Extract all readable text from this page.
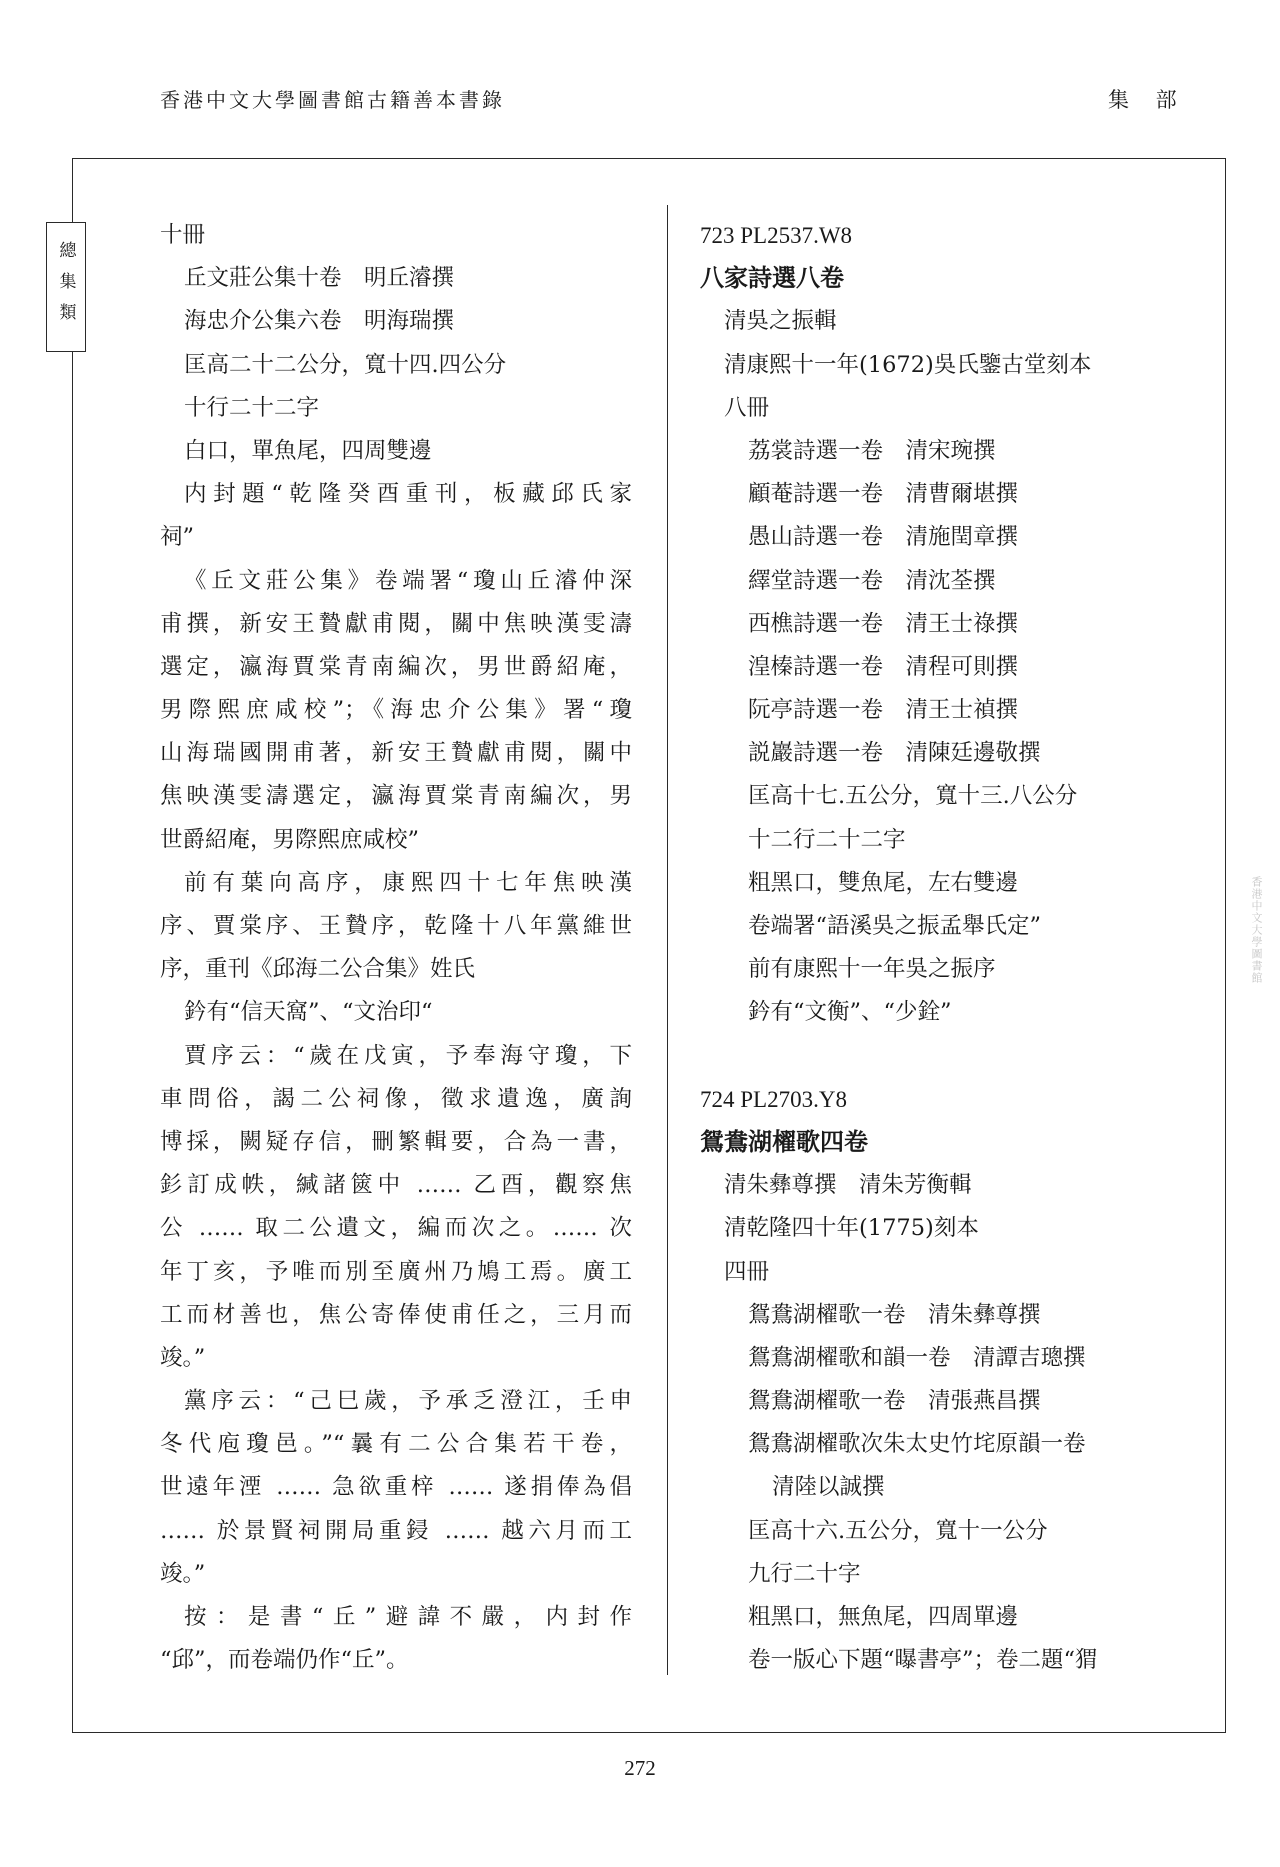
香港中文大學圖書館古籍善本書錄	集 部
總集類
十冊
丘文莊公集十卷　明丘濬撰
海忠介公集六卷　明海瑞撰
匡高二十二公分，寬十四.四公分
十行二十二字
白口，單魚尾，四周雙邊
内封題“乾隆癸酉重刊，板藏邱氏家
祠”
《丘文莊公集》卷端署“瓊山丘濬仲深
甫撰，新安王贄獻甫閱，關中焦映漢雯濤
選定，瀛海賈棠青南編次，男世爵紹庵，
男際熙庶咸校”；《海忠介公集》署“瓊
山海瑞國開甫著，新安王贄獻甫閱，關中
焦映漢雯濤選定，瀛海賈棠青南編次，男
世爵紹庵，男際熙庶咸校”
前有葉向高序，康熙四十七年焦映漢
序、賈棠序、王贄序，乾隆十八年黨維世
序，重刊《邱海二公合集》姓氏
鈐有“信天窩”、“文治印“
賈序云：“歲在戊寅，予奉海守瓊，下
車問俗，謁二公祠像，徵求遺逸，廣詢
博採，闕疑存信，刪繁輯要，合為一書，
釤訂成帙，緘諸篋中 …… 乙酉，觀察焦
公 …… 取二公遺文，編而次之。…… 次
年丁亥，予唯而別至廣州乃鳩工焉。廣工
工而材善也，焦公寄俸使甫任之，三月而
竣。”
黨序云：“己巳歲，予承乏澄江，壬申
冬代庖瓊邑。”“曩有二公合集若干卷，
世遠年湮 …… 急欲重梓 …… 遂捐俸為倡
…… 於景賢祠開局重鋟 …… 越六月而工
竣。”
按：是書“丘”避諱不嚴，内封作
“邱”，而卷端仍作“丘”。
723 PL2537.W8
八家詩選八卷
清吳之振輯
清康熙十一年(1672)吳氏鑒古堂刻本
八冊
荔裳詩選一卷　清宋琬撰
顧菴詩選一卷　清曹爾堪撰
愚山詩選一卷　清施閏章撰
繹堂詩選一卷　清沈荃撰
西樵詩選一卷　清王士祿撰
湟榛詩選一卷　清程可則撰
阮亭詩選一卷　清王士禎撰
説巖詩選一卷　清陳廷邊敬撰
匡高十七.五公分，寬十三.八公分
十二行二十二字
粗黑口，雙魚尾，左右雙邊
卷端署“語溪吳之振孟舉氏定”
前有康熙十一年吳之振序
鈐有“文衡”、“少銓”
724 PL2703.Y8
鴛鴦湖櫂歌四卷
清朱彝尊撰　清朱芳衡輯
清乾隆四十年(1775)刻本
四冊
鴛鴦湖櫂歌一卷　清朱彝尊撰
鴛鴦湖櫂歌和韻一卷　清譚吉璁撰
鴛鴦湖櫂歌一卷　清張燕昌撰
鴛鴦湖櫂歌次朱太史竹垞原韻一卷
清陸以誠撰
匡高十六.五公分，寬十一公分
九行二十字
粗黑口，無魚尾，四周單邊
卷一版心下題“曝書亭”；卷二題“猬
272
香港中文大學圖書館
